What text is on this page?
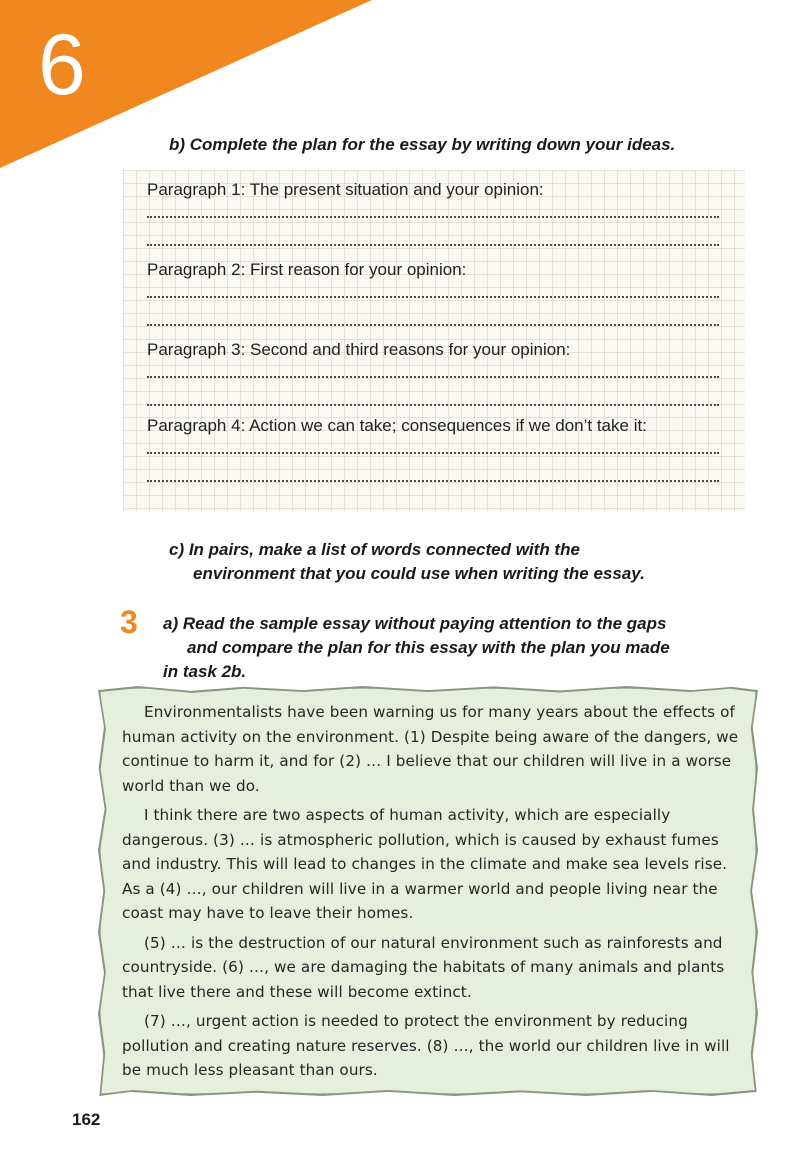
6
b) Complete the plan for the essay by writing down your ideas.
Paragraph 1: The present situation and your opinion:
Paragraph 2: First reason for your opinion:
Paragraph 3: Second and third reasons for your opinion:
Paragraph 4: Action we can take; consequences if we don’t take it:
c) In pairs, make a list of words connected with the
environment that you could use when writing the essay.
3 a) Read the sample essay without paying attention to the gaps
and compare the plan for this essay with the plan you made
in task 2b.

Environmentalists have been warning us for many years about the effects of human activity on the environment. (1) Despite being aware of the dangers, we continue to harm it, and for (2) … I believe that our children will live in a worse world than we do.

I think there are two aspects of human activity, which are especially dangerous. (3) … is atmospheric pollution, which is caused by exhaust fumes and industry. This will lead to changes in the climate and make sea levels rise. As a (4) …, our children will live in a warmer world and people living near the coast may have to leave their homes.

(5) … is the destruction of our natural environment such as rainforests and countryside. (6) …, we are damaging the habitats of many animals and plants that live there and these will become extinct.

(7) …, urgent action is needed to protect the environment by reducing pollution and creating nature reserves. (8) …, the world our children live in will be much less pleasant than ours.

162
